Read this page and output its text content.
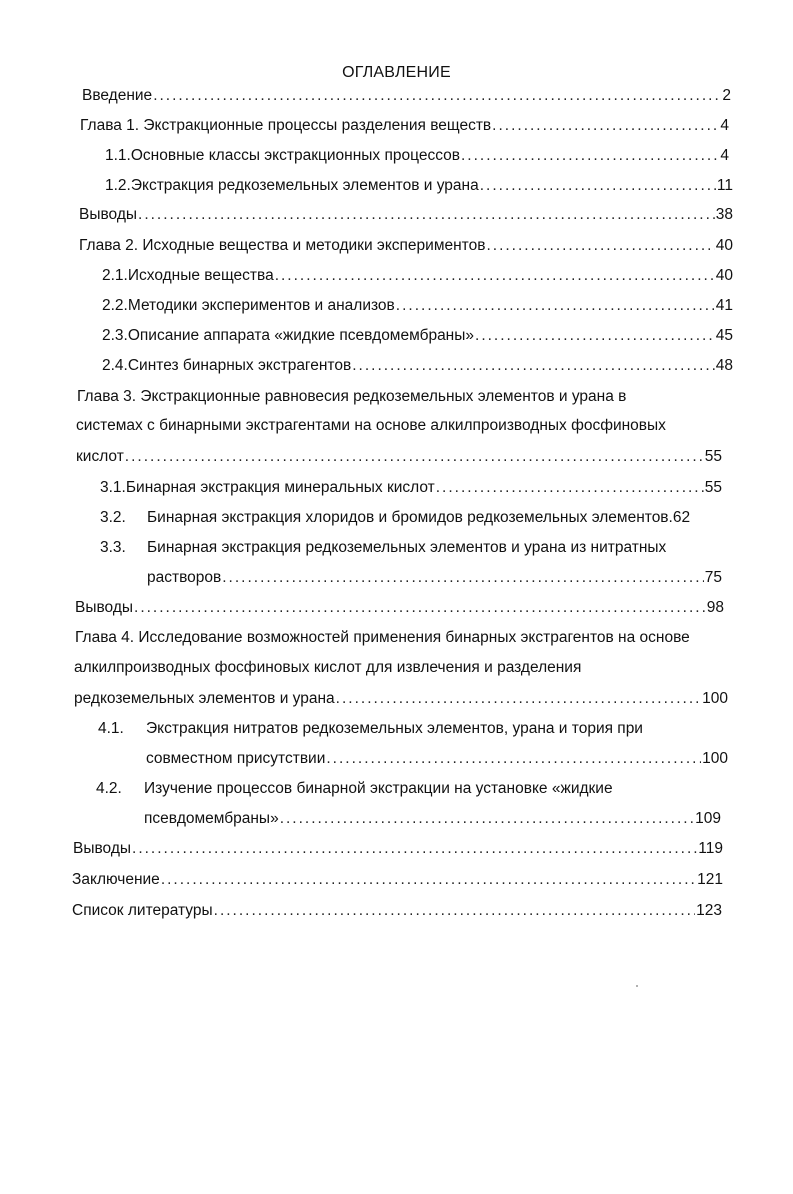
ОГЛАВЛЕНИЕ
Введение .....	2
Глава 1. Экстракционные процессы разделения веществ .....	4
1.1. Основные классы экстракционных процессов .....	4
1.2. Экстракция редкоземельных элементов и урана .....	11
Выводы .....	38
Глава 2. Исходные вещества и методики экспериментов .....	40
2.1. Исходные вещества .....	40
2.2. Методики экспериментов и анализов .....	41
2.3. Описание аппарата «жидкие псевдомембраны» .....	45
2.4. Синтез бинарных экстрагентов .....	48
Глава 3. Экстракционные равновесия редкоземельных элементов и урана в
системах с бинарными экстрагентами на основе алкилпроизводных фосфиновых
кислот .....	55
3.1. Бинарная экстракция минеральных кислот .....	55
3.2.	Бинарная экстракция хлоридов и бромидов редкоземельных элементов.62
3.3.	Бинарная экстракция редкоземельных элементов и урана из нитратных
растворов .....	75
Выводы .....	98
Глава 4. Исследование возможностей применения бинарных экстрагентов на основе
алкилпроизводных фосфиновых кислот для извлечения и разделения
редкоземельных элементов и урана .....	100
4.1.	Экстракция нитратов редкоземельных элементов, урана и тория при
совместном присутствии .....	100
4.2.	Изучение процессов бинарной экстракции на установке «жидкие
псевдомембраны» .....	109
Выводы .....	119
Заключение .....	121
Список литературы .....	123
